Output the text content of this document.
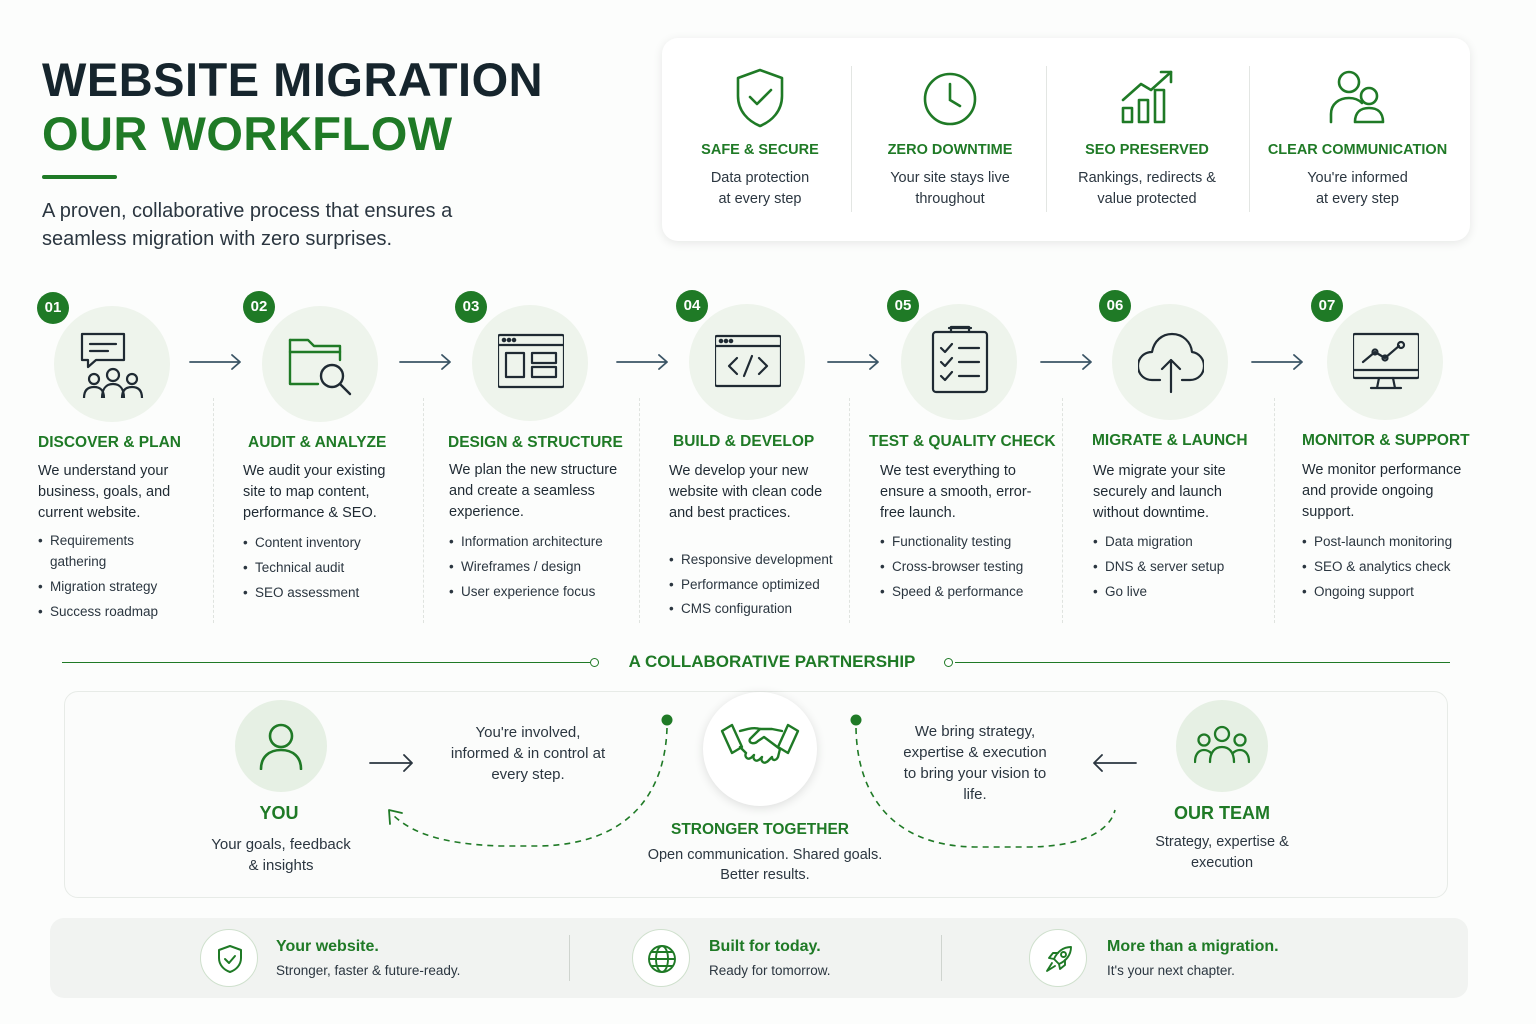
WEBSITE MIGRATION
OUR WORKFLOW
A proven, collaborative process that ensures a seamless migration with zero surprises.
SAFE & SECURE
Data protection
at every step
ZERO DOWNTIME
Your site stays live
throughout
SEO PRESERVED
Rankings, redirects &
value protected
CLEAR COMMUNICATION
You're informed
at every step
01
DISCOVER & PLAN
We understand your business, goals, and current website.
• Requirements gathering
• Migration strategy
• Success roadmap
02
AUDIT & ANALYZE
We audit your existing site to map content, performance & SEO.
• Content inventory
• Technical audit
• SEO assessment
03
DESIGN & STRUCTURE
We plan the new structure and create a seamless experience.
• Information architecture
• Wireframes / design
• User experience focus
04
BUILD & DEVELOP
We develop your new website with clean code and best practices.
• Responsive development
• Performance optimized
• CMS configuration
05
TEST & QUALITY CHECK
We test everything to ensure a smooth, error-free launch.
• Functionality testing
• Cross-browser testing
• Speed & performance
06
MIGRATE & LAUNCH
We migrate your site securely and launch without downtime.
• Data migration
• DNS & server setup
• Go live
07
MONITOR & SUPPORT
We monitor performance and provide ongoing support.
• Post-launch monitoring
• SEO & analytics check
• Ongoing support
A COLLABORATIVE PARTNERSHIP
YOU
Your goals, feedback & insights
You're involved, informed & in control at every step.
STRONGER TOGETHER
Open communication. Shared goals. Better results.
We bring strategy, expertise & execution to bring your vision to life.
OUR TEAM
Strategy, expertise & execution
Your website.
Stronger, faster & future-ready.
Built for today.
Ready for tomorrow.
More than a migration.
It's your next chapter.
